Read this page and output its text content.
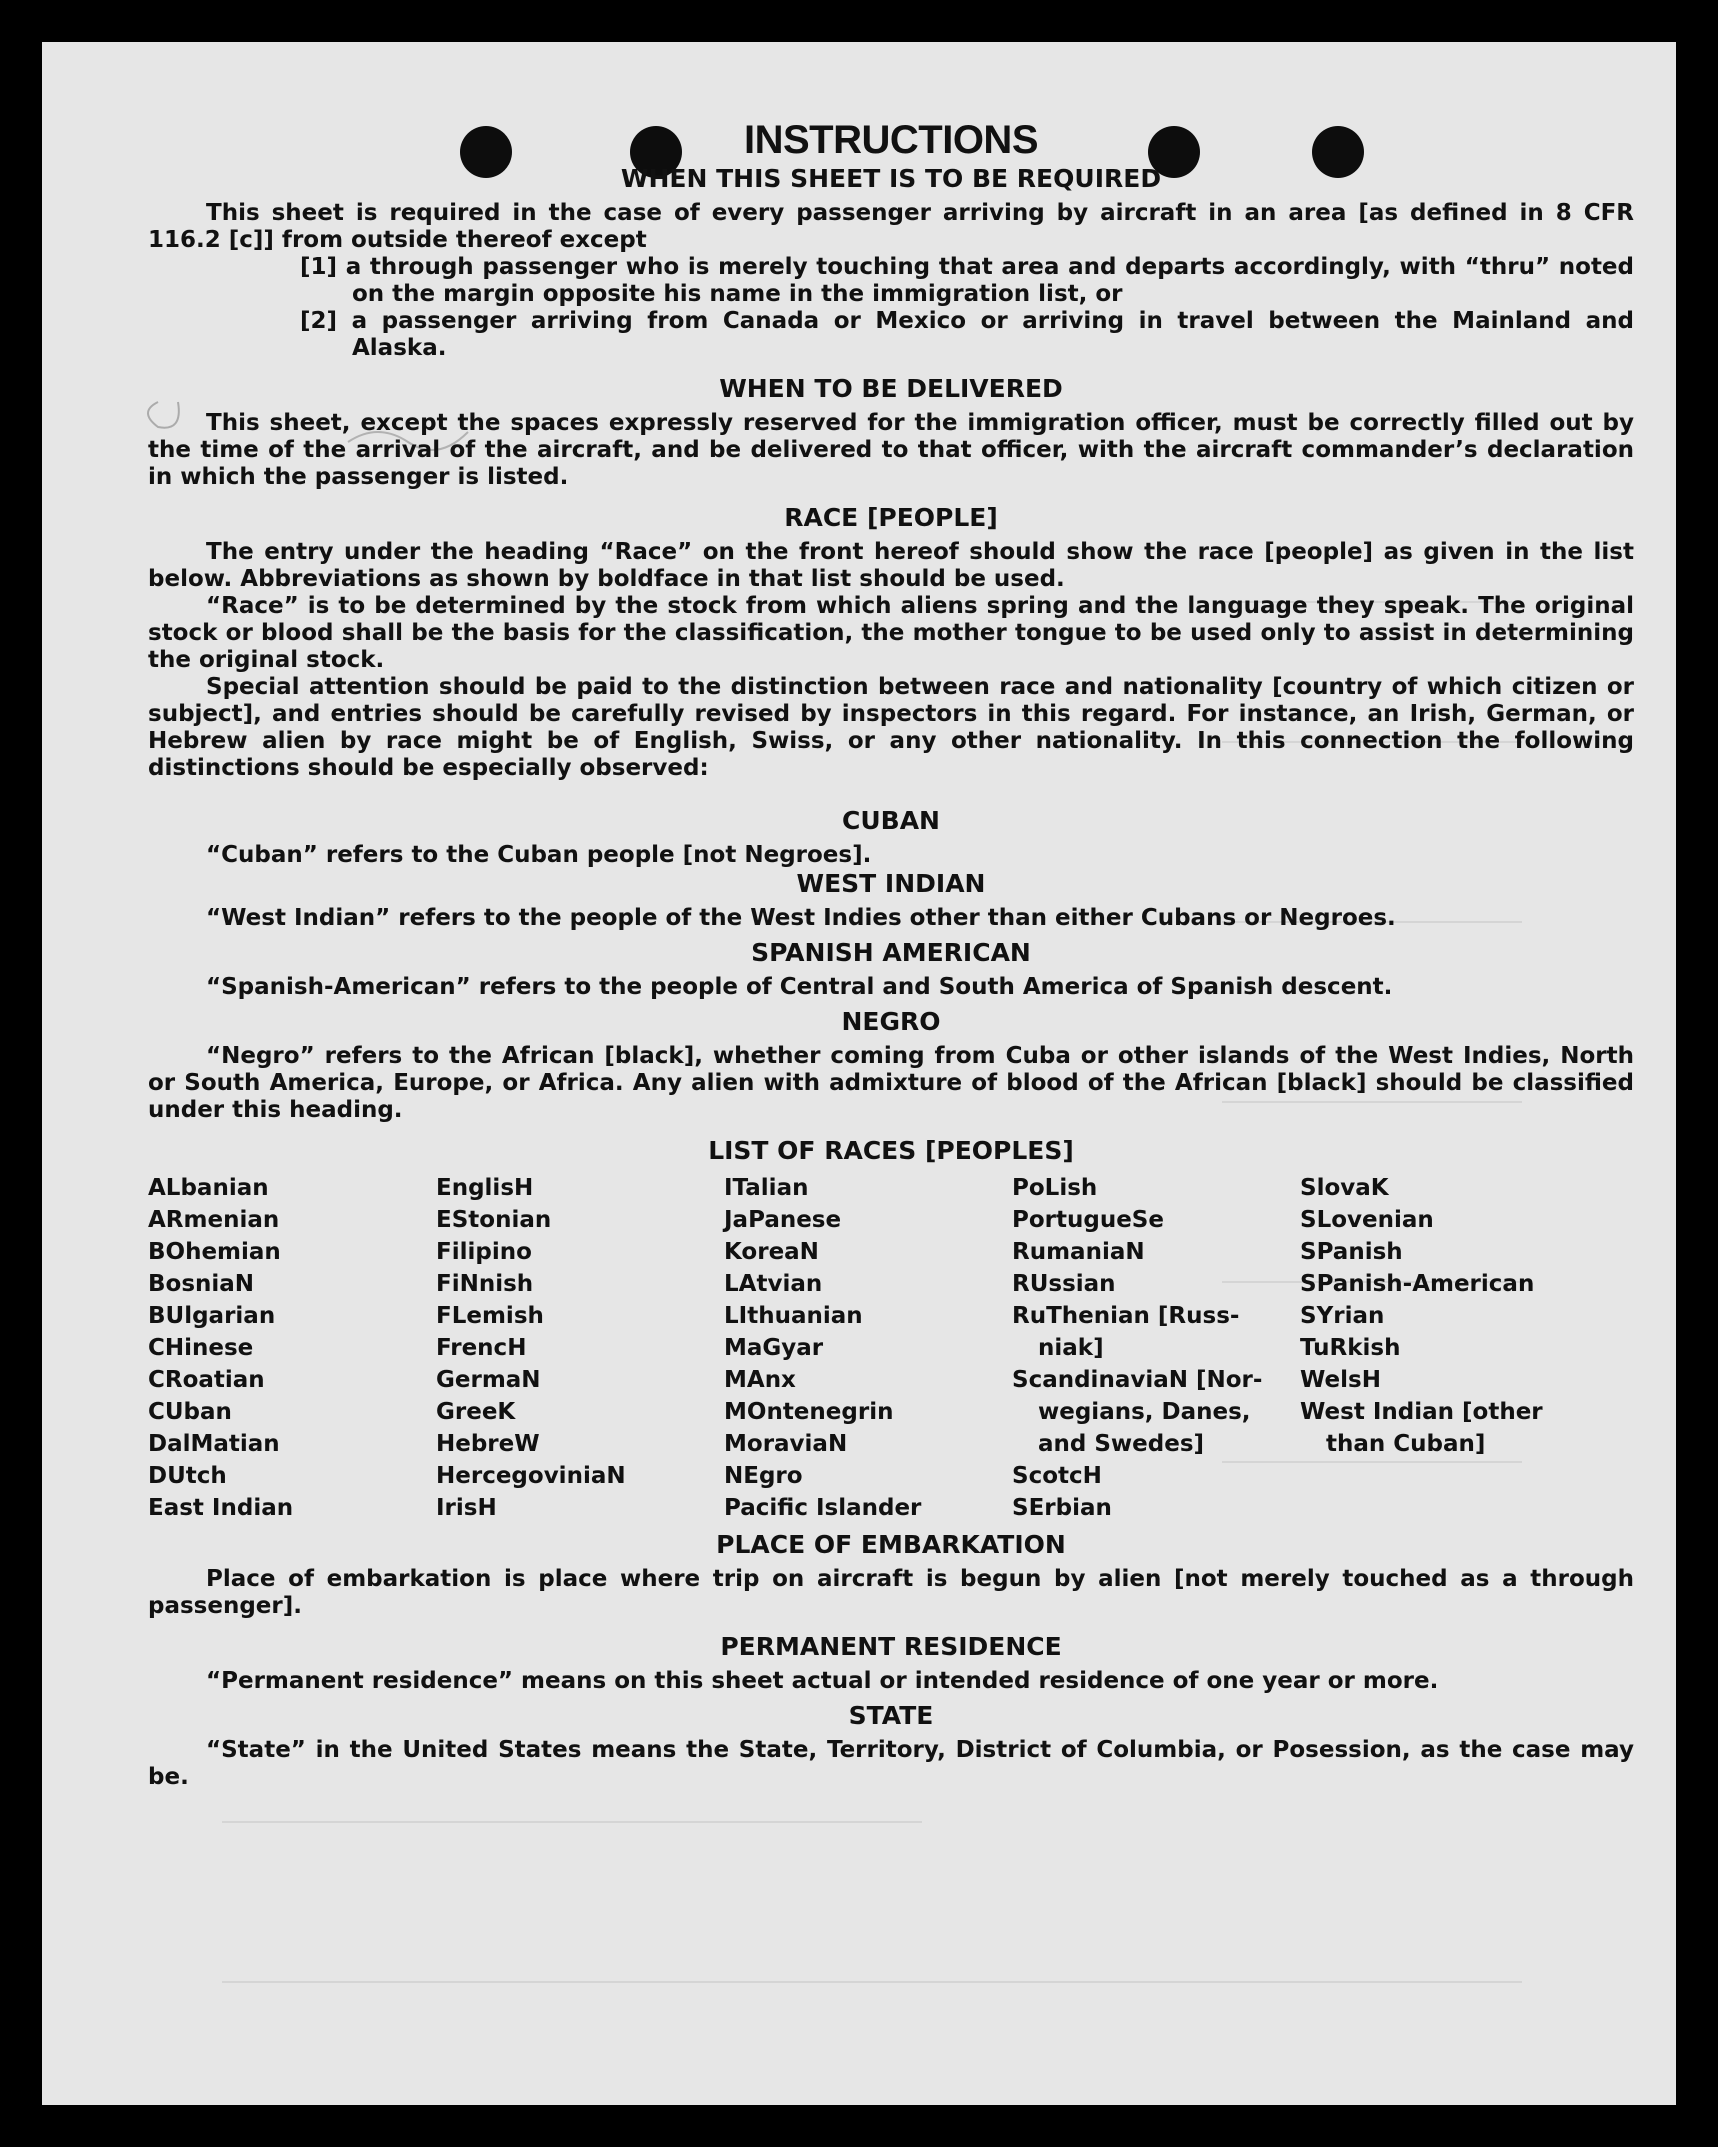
INSTRUCTIONS
WHEN THIS SHEET IS TO BE REQUIRED

This sheet is required in the case of every passenger arriving by aircraft in an area [as defined in 8 CFR 116.2 [c]] from outside thereof except

[1] a through passenger who is merely touching that area and departs accordingly, with “thru” noted on the margin opposite his name in the immigration list, or

[2] a passenger arriving from Canada or Mexico or arriving in travel between the Mainland and Alaska.

WHEN TO BE DELIVERED

This sheet, except the spaces expressly reserved for the immigration officer, must be correctly filled out by the time of the arrival of the aircraft, and be delivered to that officer, with the aircraft commander’s declaration in which the passenger is listed.

RACE [PEOPLE]

The entry under the heading “Race” on the front hereof should show the race [people] as given in the list below. Abbreviations as shown by boldface in that list should be used.

“Race” is to be determined by the stock from which aliens spring and the language they speak. The original stock or blood shall be the basis for the classification, the mother tongue to be used only to assist in determining the original stock.

Special attention should be paid to the distinction between race and nationality [country of which citizen or subject], and entries should be carefully revised by inspectors in this regard. For instance, an Irish, German, or Hebrew alien by race might be of English, Swiss, or any other nationality. In this connection the following distinctions should be especially observed:

CUBAN

“Cuban” refers to the Cuban people [not Negroes].

WEST INDIAN

“West Indian” refers to the people of the West Indies other than either Cubans or Negroes.

SPANISH AMERICAN

“Spanish-American” refers to the people of Central and South America of Spanish descent.

NEGRO

“Negro” refers to the African [black], whether coming from Cuba or other islands of the West Indies, North or South America, Europe, or Africa. Any alien with admixture of blood of the African [black] should be classified under this heading.

LIST OF RACES [PEOPLES]
ALbanian
ARmenian
BOhemian
BosniaN
BUlgarian
CHinese
CRoatian
CUban
DalMatian
DUtch
East Indian
EnglisH
EStonian
Filipino
FiNnish
FLemish
FrencH
GermaN
GreeK
HebreW
HercegoviniaN
IrisH
ITalian
JaPanese
KoreaN
LAtvian
LIthuanian
MaGyar
MAnx
MOntenegrin
MoraviaN
NEgro
Pacific Islander
PoLish
PortugueSe
RumaniaN
RUssian
RuThenian [Russ-
niak]
ScandinaviaN [Nor-
wegians, Danes,
and Swedes]
ScotcH
SErbian
SlovaK
SLovenian
SPanish
SPanish-American
SYrian
TuRkish
WelsH
West Indian [other
than Cuban]
PLACE OF EMBARKATION

Place of embarkation is place where trip on aircraft is begun by alien [not merely touched as a through passenger].

PERMANENT RESIDENCE

“Permanent residence” means on this sheet actual or intended residence of one year or more.

STATE

“State” in the United States means the State, Territory, District of Columbia, or Posession, as the case may be.
